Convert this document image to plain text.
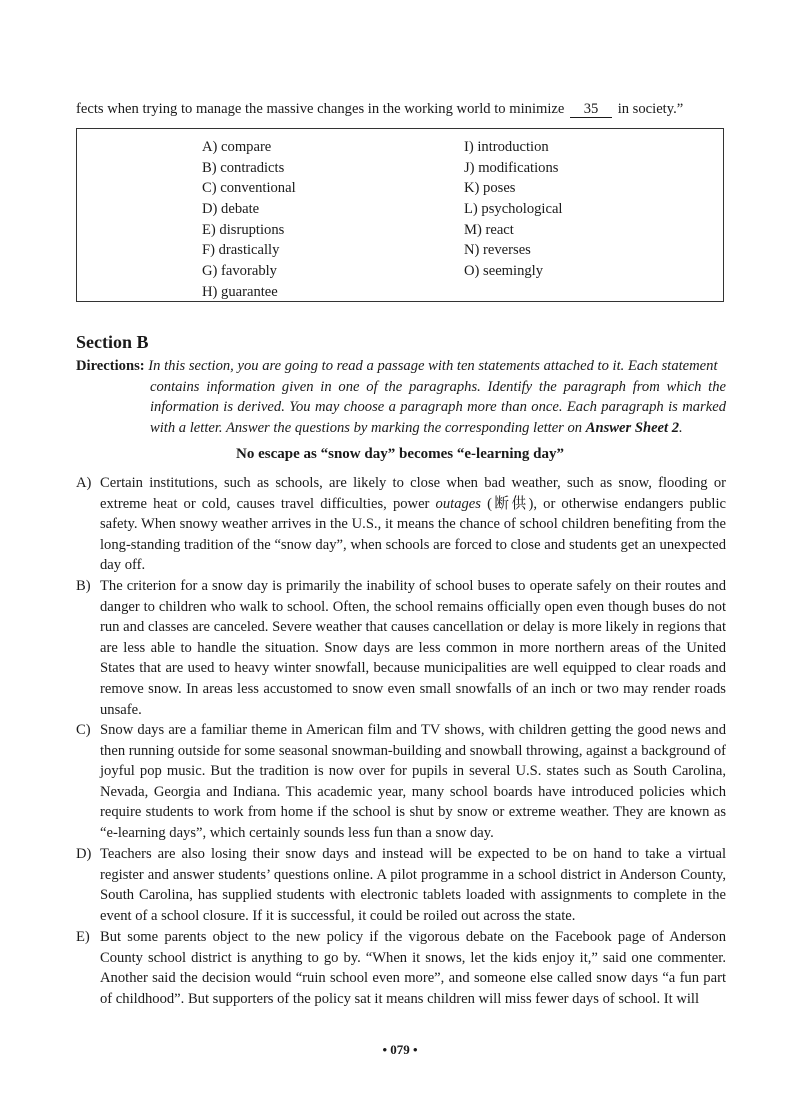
fects when trying to manage the massive changes in the working world to minimize 35 in society.”
A) compare
B) contradicts
C) conventional
D) debate
E) disruptions
F) drastically
G) favorably
H) guarantee
I) introduction
J) modifications
K) poses
L) psychological
M) react
N) reverses
O) seemingly
Section B
Directions: In this section, you are going to read a passage with ten statements attached to it. Each statement
contains information given in one of the paragraphs. Identify the paragraph from which the information is derived. You may choose a paragraph more than once. Each paragraph is marked with a letter. Answer the questions by marking the corresponding letter on Answer Sheet 2.
No escape as “snow day” becomes “e-learning day”
A) Certain institutions, such as schools, are likely to close when bad weather, such as snow, flooding or extreme heat or cold, causes travel difficulties, power outages (断供), or otherwise endangers public safety. When snowy weather arrives in the U.S., it means the chance of school children benefiting from the long-standing tradition of the “snow day”, when schools are forced to close and students get an unexpected day off.
B) The criterion for a snow day is primarily the inability of school buses to operate safely on their routes and danger to children who walk to school. Often, the school remains officially open even though buses do not run and classes are canceled. Severe weather that causes cancellation or delay is more likely in regions that are less able to handle the situation. Snow days are less common in more northern areas of the United States that are used to heavy winter snowfall, because municipalities are well equipped to clear roads and remove snow. In areas less accustomed to snow even small snowfalls of an inch or two may render roads unsafe.
C) Snow days are a familiar theme in American film and TV shows, with children getting the good news and then running outside for some seasonal snowman-building and snowball throwing, against a background of joyful pop music. But the tradition is now over for pupils in several U.S. states such as South Carolina, Nevada, Georgia and Indiana. This academic year, many school boards have introduced policies which require students to work from home if the school is shut by snow or extreme weather. They are known as “e-learning days”, which certainly sounds less fun than a snow day.
D) Teachers are also losing their snow days and instead will be expected to be on hand to take a virtual register and answer students’ questions online. A pilot programme in a school district in Anderson County, South Carolina, has supplied students with electronic tablets loaded with assignments to complete in the event of a school closure. If it is successful, it could be roiled out across the state.
E) But some parents object to the new policy if the vigorous debate on the Facebook page of Anderson County school district is anything to go by. “When it snows, let the kids enjoy it,” said one commenter. Another said the decision would “ruin school even more”, and someone else called snow days “a fun part of childhood”. But supporters of the policy sat it means children will miss fewer days of school. It will
• 079 •
